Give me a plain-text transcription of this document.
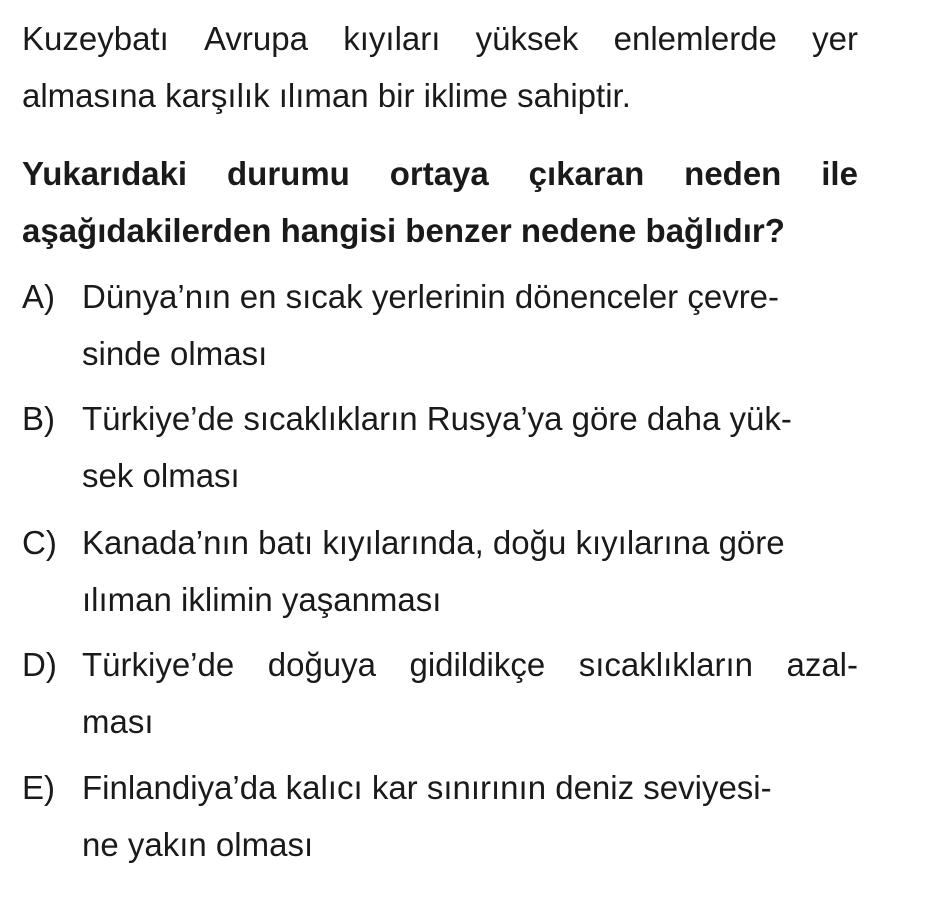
Kuzeybatı Avrupa kıyıları yüksek enlemlerde yer
almasına karşılık ılıman bir iklime sahiptir.
Yukarıdaki durumu ortaya çıkaran neden ile
aşağıdakilerden hangisi benzer nedene bağlıdır?
A) Dünya’nın en sıcak yerlerinin dönenceler çevre-
sinde olması
B) Türkiye’de sıcaklıkların Rusya’ya göre daha yük-
sek olması
C) Kanada’nın batı kıyılarında, doğu kıyılarına göre
ılıman iklimin yaşanması
D) Türkiye’de doğuya gidildikçe sıcaklıkların azal-
ması
E) Finlandiya’da kalıcı kar sınırının deniz seviyesi-
ne yakın olması
